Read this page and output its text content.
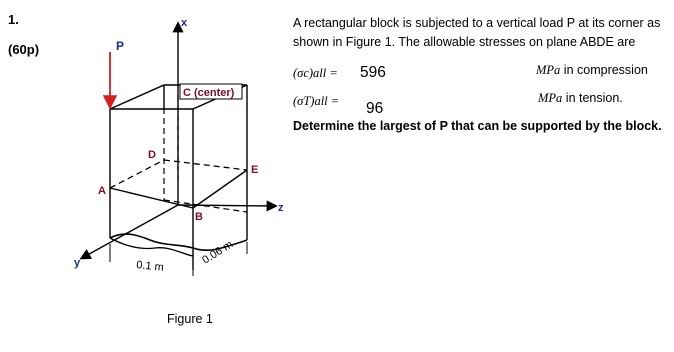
1.
(60p)
A rectangular block is subjected to a vertical load P at its corner as shown in Figure 1. The allowable stresses on plane ABDE are
(σc)all = 596	MPa in compression
(σT)all = 96
MPa in tension.
Determine the largest of P that can be supported by the block.
x
y
z
P
A
B
D
E
C (center)
0.1 m	0.06 m
Figure 1
